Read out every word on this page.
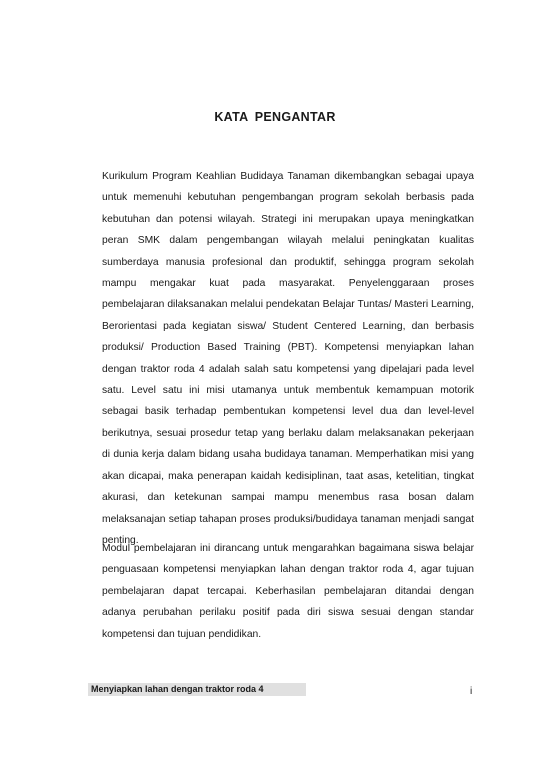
KATA PENGANTAR

Kurikulum Program Keahlian Budidaya Tanaman dikembangkan sebagai upaya untuk memenuhi kebutuhan pengembangan program sekolah berbasis pada kebutuhan dan potensi wilayah. Strategi ini merupakan upaya meningkatkan peran SMK dalam pengembangan wilayah melalui peningkatan kualitas sumberdaya manusia profesional dan produktif, sehingga program sekolah mampu mengakar kuat pada masyarakat. Penyelenggaraan proses pembelajaran dilaksanakan melalui pendekatan Belajar Tuntas/ Masteri Learning, Berorientasi pada kegiatan siswa/ Student Centered Learning, dan berbasis produksi/ Production Based Training (PBT). Kompetensi menyiapkan lahan dengan traktor roda 4 adalah salah satu kompetensi yang dipelajari pada level satu. Level satu ini misi utamanya untuk membentuk kemampuan motorik sebagai basik terhadap pembentukan kompetensi level dua dan level-level berikutnya, sesuai prosedur tetap yang berlaku dalam melaksanakan pekerjaan di dunia kerja dalam bidang usaha budidaya tanaman. Memperhatikan misi yang akan dicapai, maka penerapan kaidah kedisiplinan, taat asas, ketelitian, tingkat akurasi, dan ketekunan sampai mampu menembus rasa bosan dalam melaksanajan setiap tahapan proses produksi/budidaya tanaman menjadi sangat penting.

Modul pembelajaran ini dirancang untuk mengarahkan bagaimana siswa belajar penguasaan kompetensi menyiapkan lahan dengan traktor roda 4, agar tujuan pembelajaran dapat tercapai. Keberhasilan pembelajaran ditandai dengan adanya perubahan perilaku positif pada diri siswa sesuai dengan standar kompetensi dan tujuan pendidikan.

Menyiapkan lahan dengan traktor roda 4	i
